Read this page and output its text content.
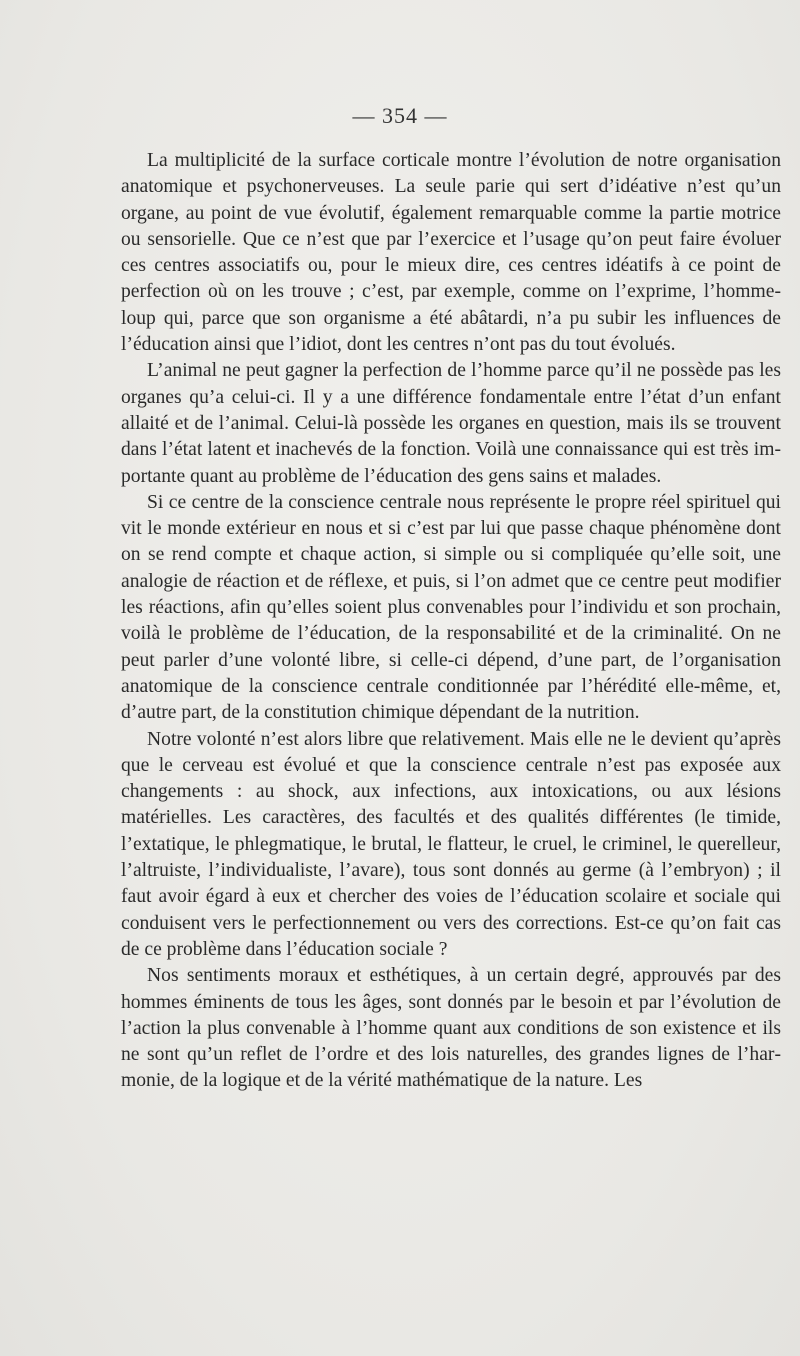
— 354 —

La multiplicité de la surface corticale montre l’évolution de notre organisation anatomique et psychonerveuses. La seule parie qui sert d’idéative n’est qu’un organe, au point de vue évolutif, également remarquable comme la partie motrice ou sensorielle. Que ce n’est que par l’exercice et l’usage qu’on peut faire évoluer ces centres associatifs ou, pour le mieux dire, ces centres idéatifs à ce point de perfection où on les trouve ; c’est, par exemple, comme on l’exprime, l’homme-loup qui, parce que son organisme a été abâtardi, n’a pu subir les influences de l’éducation ainsi que l’idiot, dont les centres n’ont pas du tout évolués.

L’animal ne peut gagner la perfection de l’homme parce qu’il ne possède pas les organes qu’a celui-ci. Il y a une différence fondamentale entre l’état d’un enfant allaité et de l’animal. Celui-là possède les organes en question, mais ils se trouvent dans l’état latent et inachevés de la fonction. Voilà une connaissance qui est très importante quant au problème de l’éducation des gens sains et malades.

Si ce centre de la conscience centrale nous représente le propre réel spirituel qui vit le monde extérieur en nous et si c’est par lui que passe chaque phénomène dont on se rend compte et chaque action, si simple ou si compliquée qu’elle soit, une analogie de réaction et de réflexe, et puis, si l’on admet que ce centre peut modifier les réactions, afin qu’elles soient plus convenables pour l’individu et son prochain, voilà le problème de l’éducation, de la responsabilité et de la criminalité. On ne peut parler d’une volonté libre, si celle-ci dépend, d’une part, de l’organisation anatomique de la conscience centrale conditionnée par l’hérédité elle-même, et, d’autre part, de la constitution chimique dépendant de la nutrition.

Notre volonté n’est alors libre que relativement. Mais elle ne le devient qu’après que le cerveau est évolué et que la conscience centrale n’est pas exposée aux changements : au shock, aux infections, aux intoxications, ou aux lésions matérielles. Les caractères, des facultés et des qualités différentes (le timide, l’extatique, le phlegmatique, le brutal, le flatteur, le cruel, le criminel, le querelleur, l’altruiste, l’individualiste, l’avare), tous sont donnés au germe (à l’embryon) ; il faut avoir égard à eux et chercher des voies de l’éducation scolaire et sociale qui conduisent vers le perfectionnement ou vers des corrections. Est-ce qu’on fait cas de ce problème dans l’éducation sociale ?

Nos sentiments moraux et esthétiques, à un certain degré, approuvés par des hommes éminents de tous les âges, sont donnés par le besoin et par l’évolution de l’action la plus convenable à l’homme quant aux conditions de son existence et ils ne sont qu’un reflet de l’ordre et des lois naturelles, des grandes lignes de l’harmonie, de la logique et de la vérité mathématique de la nature. Les
